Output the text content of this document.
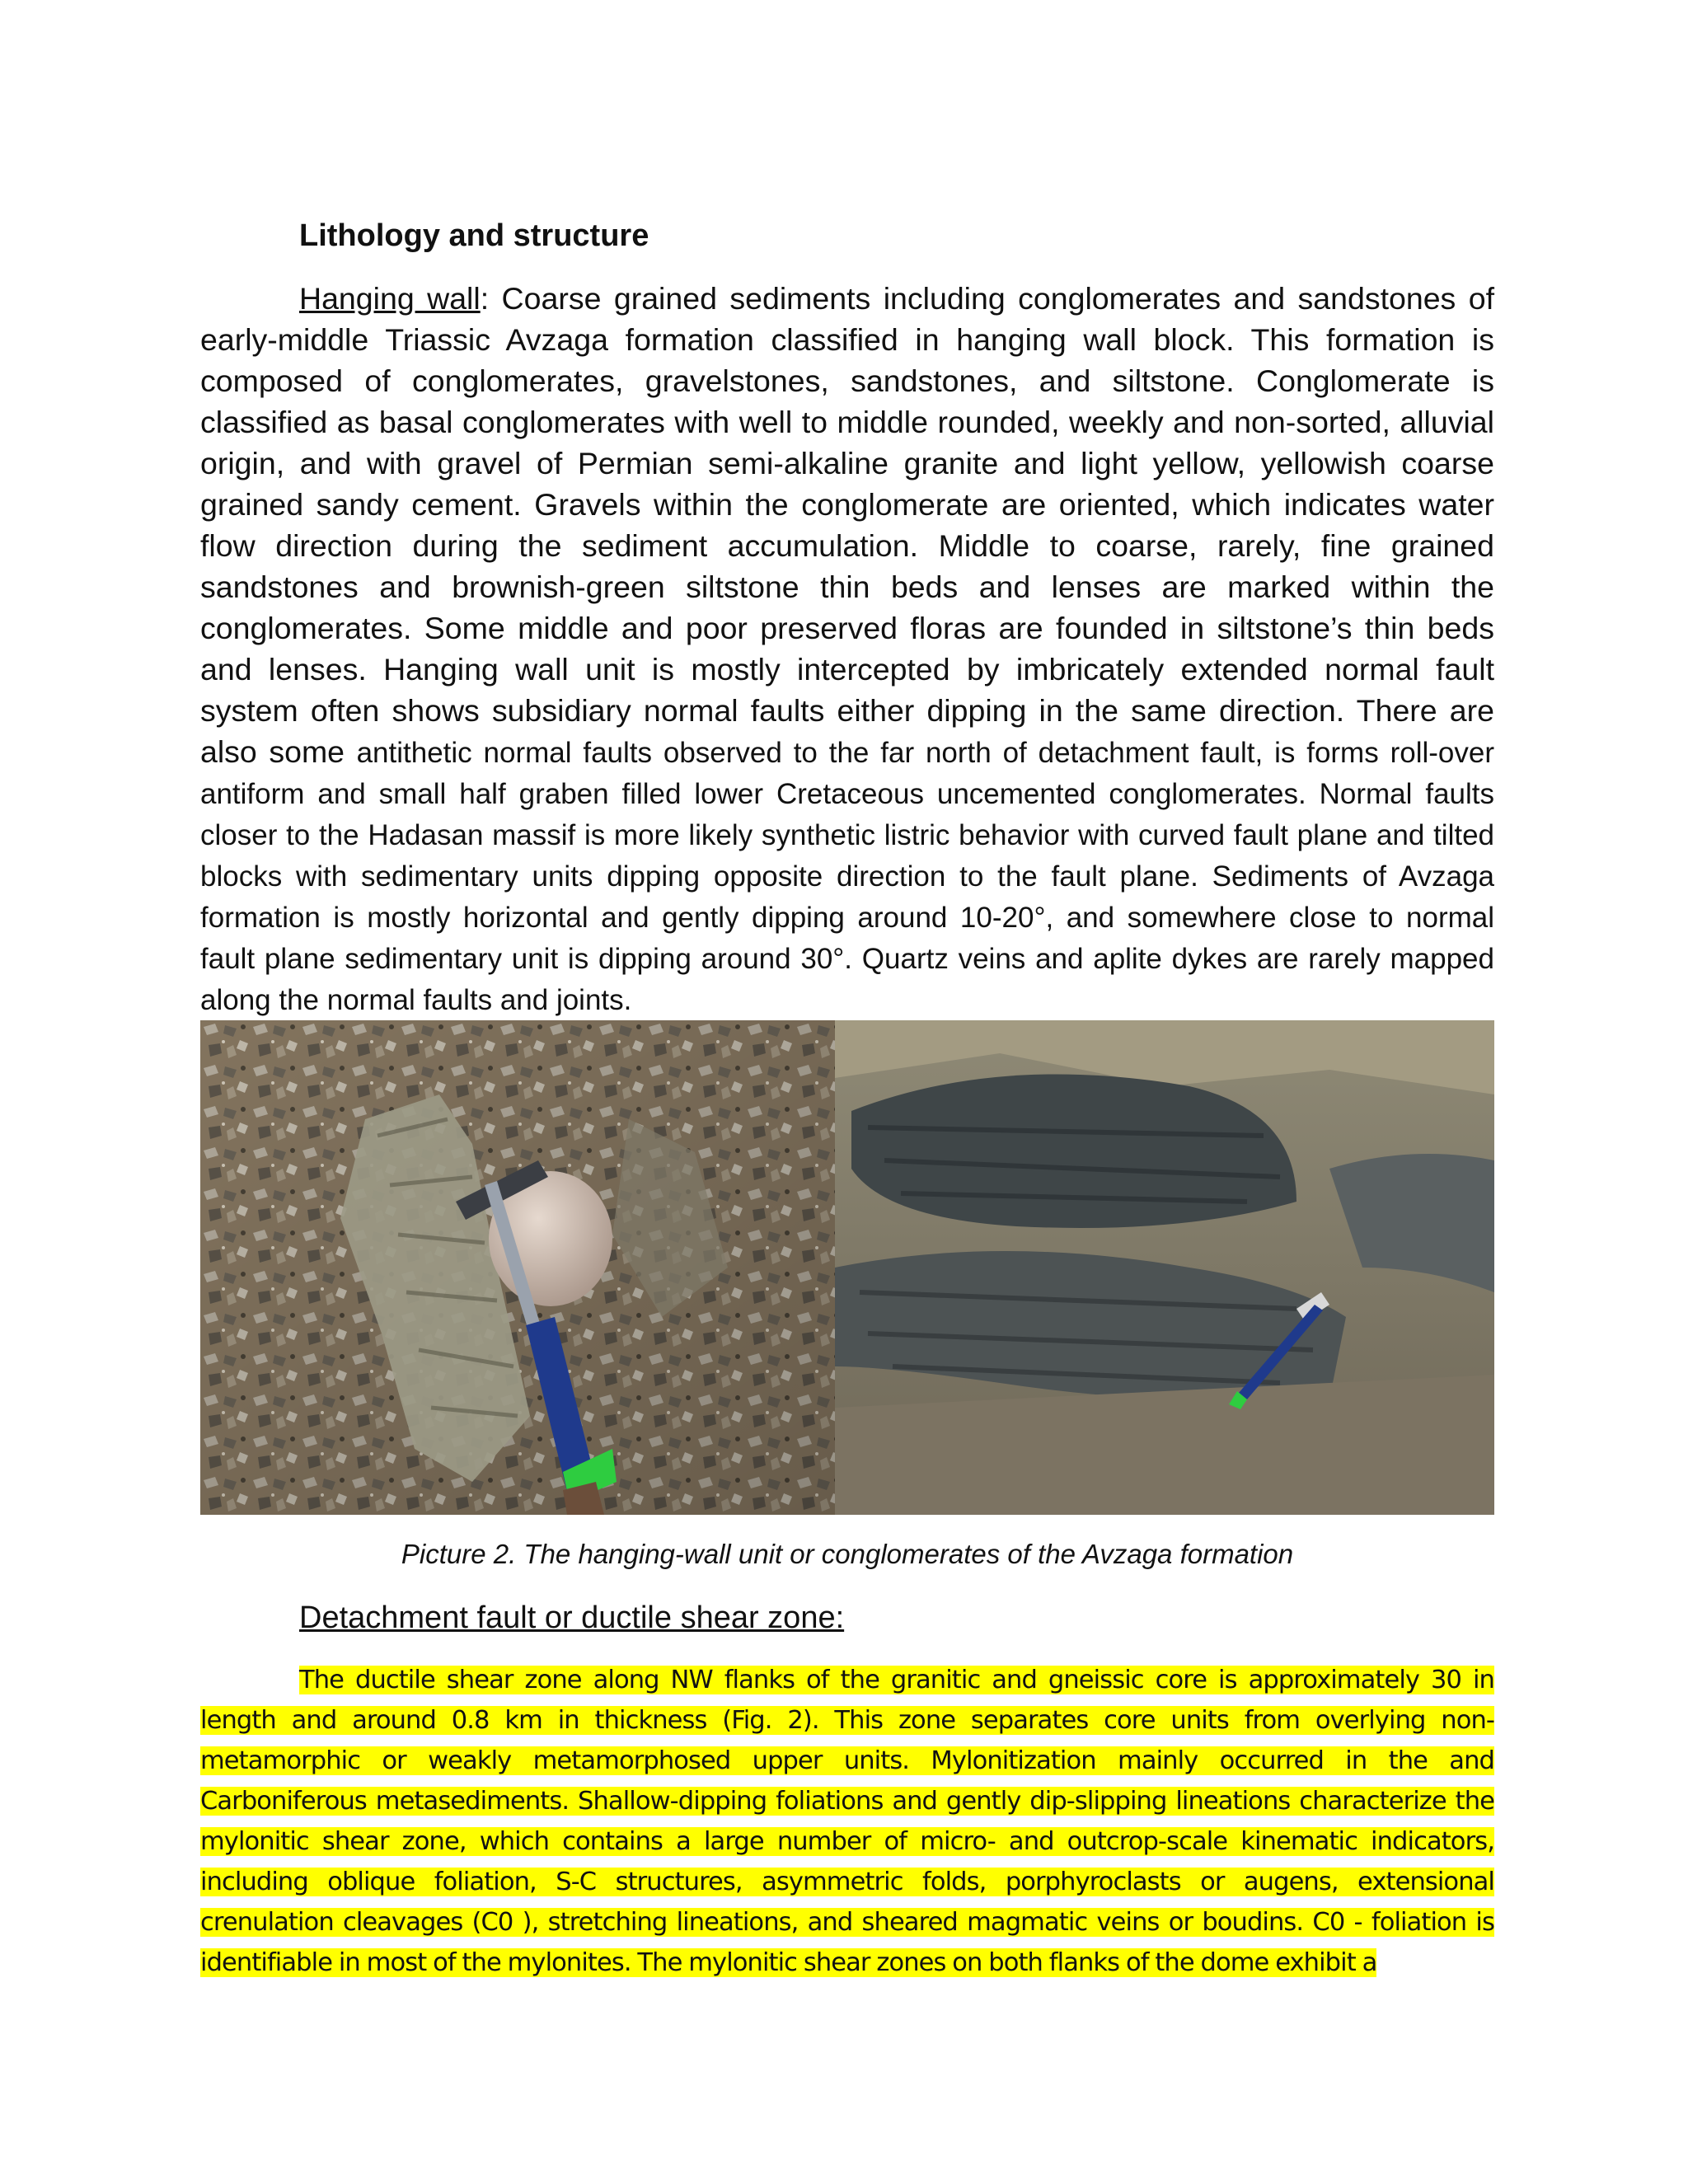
Lithology and structure

Hanging wall: Coarse grained sediments including conglomerates and sandstones of early-middle Triassic Avzaga formation classified in hanging wall block. This formation is composed of conglomerates, gravelstones, sandstones, and siltstone. Conglomerate is classified as basal conglomerates with well to middle rounded, weekly and non-sorted, alluvial origin, and with gravel of Permian semi-alkaline granite and light yellow, yellowish coarse grained sandy cement. Gravels within the conglomerate are oriented, which indicates water flow direction during the sediment accumulation. Middle to coarse, rarely, fine grained sandstones and brownish-green siltstone thin beds and lenses are marked within the conglomerates. Some middle and poor preserved floras are founded in siltstone’s thin beds and lenses. Hanging wall unit is mostly intercepted by imbricately extended normal fault system often shows subsidiary normal faults either dipping in the same direction. There are also some antithetic normal faults observed to the far north of detachment fault, is forms roll-over antiform and small half graben filled lower Cretaceous uncemented conglomerates. Normal faults closer to the Hadasan massif is more likely synthetic listric behavior with curved fault plane and tilted blocks with sedimentary units dipping opposite direction to the fault plane. Sediments of Avzaga formation is mostly horizontal and gently dipping around 10-20°, and somewhere close to normal fault plane sedimentary unit is dipping around 30°. Quartz veins and aplite dykes are rarely mapped along the normal faults and joints.

Picture 2. The hanging-wall unit or conglomerates of the Avzaga formation

Detachment fault or ductile shear zone:

The ductile shear zone along NW flanks of the granitic and gneissic core is approximately 30 in length and around 0.8 km in thickness (Fig. 2). This zone separates core units from overlying non-metamorphic or weakly metamorphosed upper units. Mylonitization mainly occurred in the and Carboniferous metasediments. Shallow-dipping foliations and gently dip-slipping lineations characterize the mylonitic shear zone, which contains a large number of micro- and outcrop-scale kinematic indicators, including oblique foliation, S-C structures, asymmetric folds, porphyroclasts or augens, extensional crenulation cleavages (C0 ), stretching lineations, and sheared magmatic veins or boudins. C0 - foliation is identifiable in most of the mylonites. The mylonitic shear zones on both flanks of the dome exhibit a
